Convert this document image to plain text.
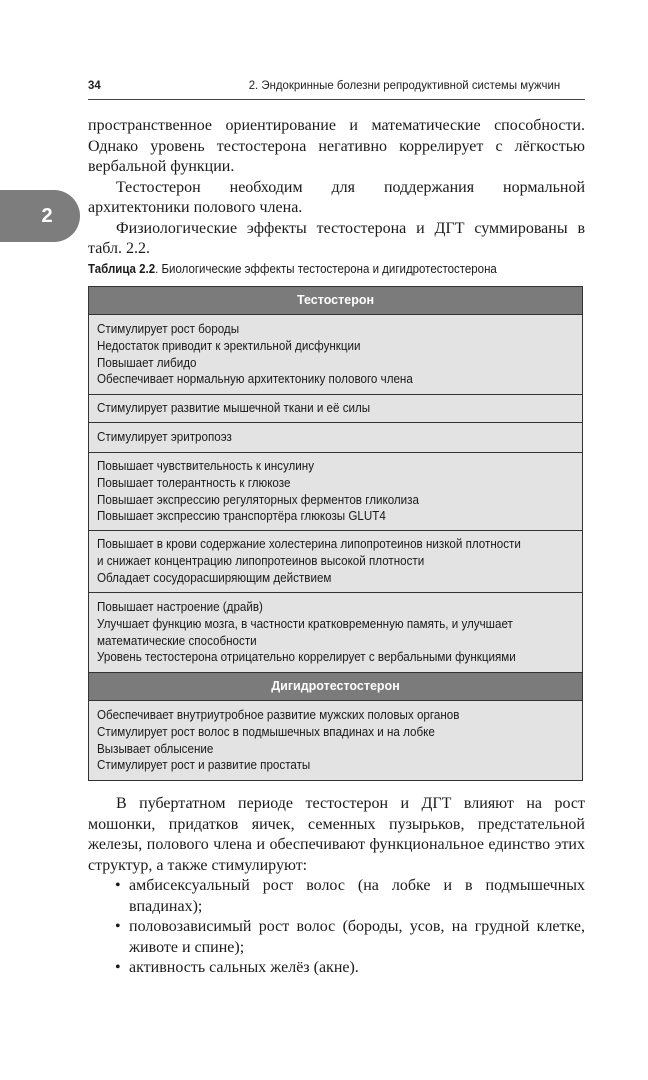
34	2. Эндокринные болезни репродуктивной системы мужчин
2

пространственное ориентирование и математические способности. Однако уровень тестостерона негативно коррелирует с лёгкостью вербальной функции.

Тестостерон необходим для поддержания нормальной архитектоники полового члена.

Физиологические эффекты тестостерона и ДГТ суммированы в табл. 2.2.

Таблица 2.2. Биологические эффекты тестостерона и дигидротестостерона
Тестостерон
Стимулирует рост бороды
Недостаток приводит к эректильной дисфункции
Повышает либидо
Обеспечивает нормальную архитектонику полового члена
Стимулирует развитие мышечной ткани и её силы
Стимулирует эритропоэз
Повышает чувствительность к инсулину
Повышает толерантность к глюкозе
Повышает экспрессию регуляторных ферментов гликолиза
Повышает экспрессию транспортёра глюкозы GLUT4
Повышает в крови содержание холестерина липопротеинов низкой плотности
и снижает концентрацию липопротеинов высокой плотности
Обладает сосудорасширяющим действием
Повышает настроение (драйв)
Улучшает функцию мозга, в частности кратковременную память, и улучшает
математические способности
Уровень тестостерона отрицательно коррелирует с вербальными функциями
Дигидротестостерон
Обеспечивает внутриутробное развитие мужских половых органов
Стимулирует рост волос в подмышечных впадинах и на лобке
Вызывает облысение
Стимулирует рост и развитие простаты

В пубертатном периоде тестостерон и ДГТ влияют на рост мошонки, придатков яичек, семенных пузырьков, предстательной железы, полового члена и обеспечивают функциональное единство этих структур, а также стимулируют:

• амбисексуальный рост волос (на лобке и в подмышечных впадинах);
• половозависимый рост волос (бороды, усов, на грудной клетке, животе и спине);
• активность сальных желёз (акне).
